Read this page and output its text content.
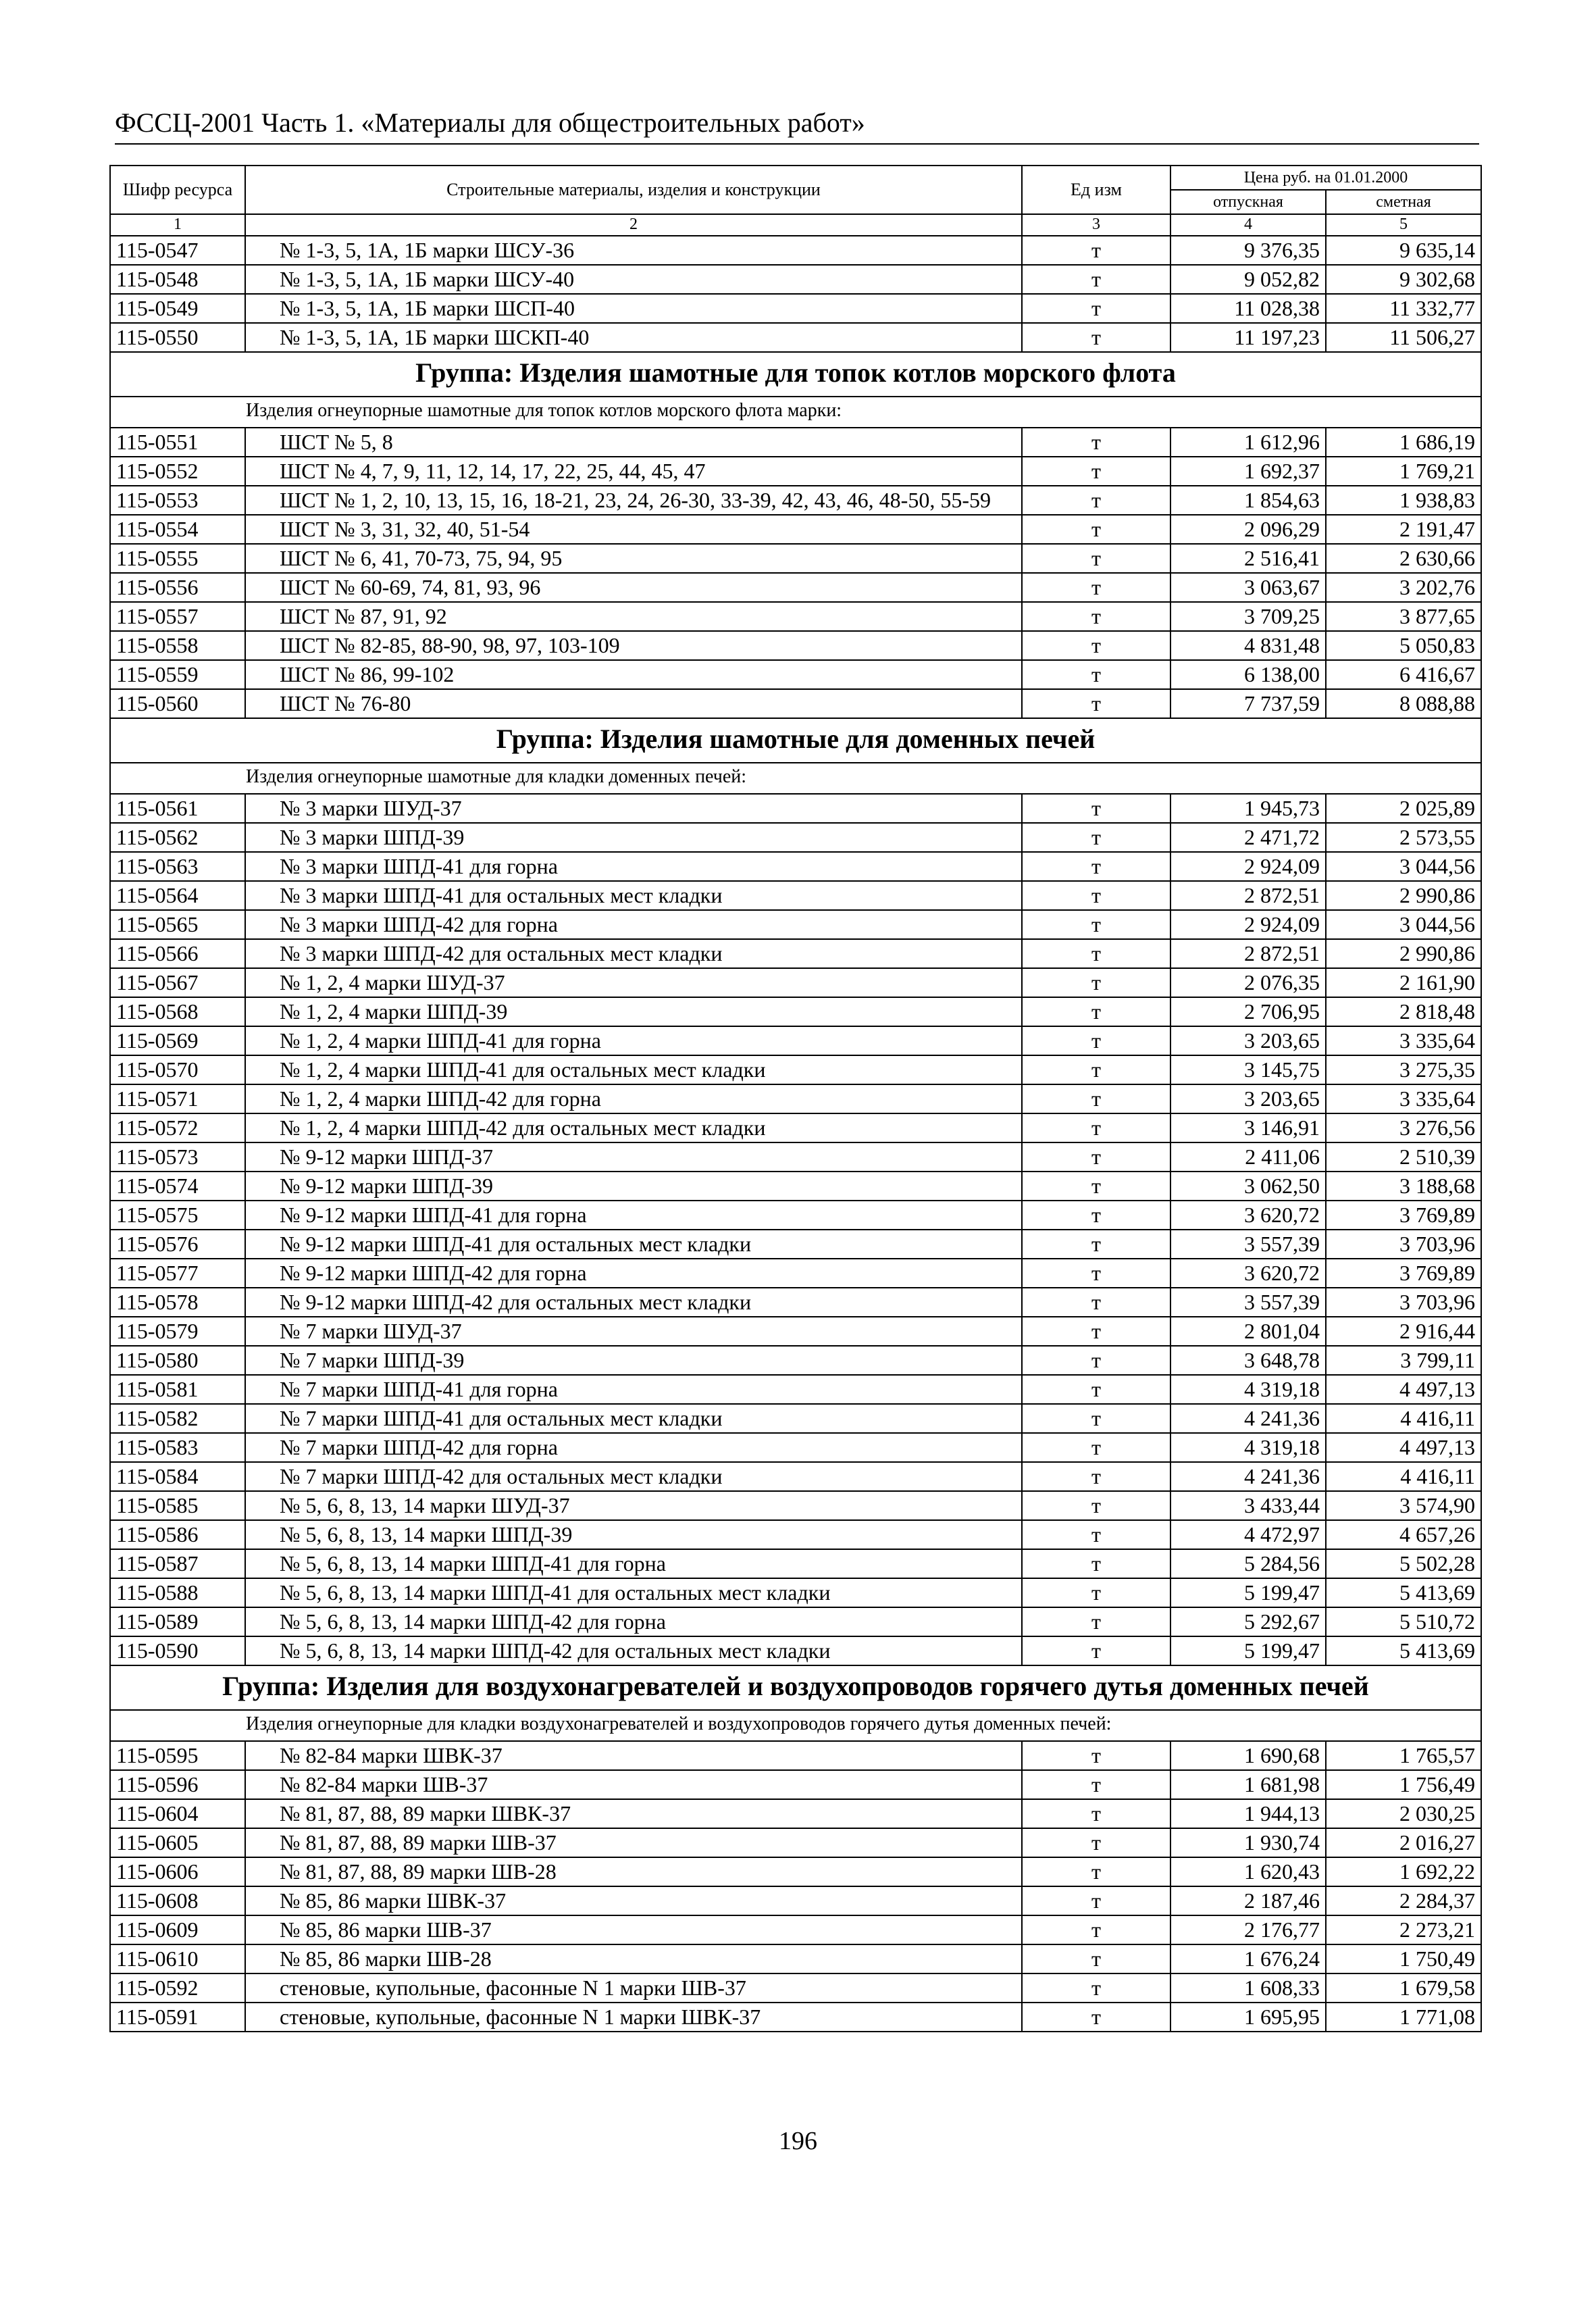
ФССЦ-2001 Часть 1. «Материалы для общестроительных работ»
Шифр ресурса	Строительные материалы, изделия и конструкции	Ед изм	Цена руб. на 01.01.2000	
			отпускная	сметная
1	2	3	4	5
115-0547	№ 1-3, 5, 1А, 1Б марки ШСУ-36	т	9 376,35	9 635,14
115-0548	№ 1-3, 5, 1А, 1Б марки ШСУ-40	т	9 052,82	9 302,68
115-0549	№ 1-3, 5, 1А, 1Б марки ШСП-40	т	11 028,38	11 332,77
115-0550	№ 1-3, 5, 1А, 1Б марки ШСКП-40	т	11 197,23	11 506,27
Группа: Изделия шамотные для топок котлов морского флота				
Изделия огнеупорные шамотные для топок котлов морского флота марки:				
115-0551	ШСТ № 5, 8	т	1 612,96	1 686,19
115-0552	ШСТ № 4, 7, 9, 11, 12, 14, 17, 22, 25, 44, 45, 47	т	1 692,37	1 769,21
115-0553	ШСТ № 1, 2, 10, 13, 15, 16, 18-21, 23, 24, 26-30, 33-39, 42, 43, 46, 48-50, 55-59	т	1 854,63	1 938,83
115-0554	ШСТ № 3, 31, 32, 40, 51-54	т	2 096,29	2 191,47
115-0555	ШСТ № 6, 41, 70-73, 75, 94, 95	т	2 516,41	2 630,66
115-0556	ШСТ № 60-69, 74, 81, 93, 96	т	3 063,67	3 202,76
115-0557	ШСТ № 87, 91, 92	т	3 709,25	3 877,65
115-0558	ШСТ № 82-85, 88-90, 98, 97, 103-109	т	4 831,48	5 050,83
115-0559	ШСТ № 86, 99-102	т	6 138,00	6 416,67
115-0560	ШСТ № 76-80	т	7 737,59	8 088,88
Группа: Изделия шамотные для доменных печей				
Изделия огнеупорные шамотные для кладки доменных печей:				
115-0561	№ 3 марки ШУД-37	т	1 945,73	2 025,89
115-0562	№ 3 марки ШПД-39	т	2 471,72	2 573,55
115-0563	№ 3 марки ШПД-41 для горна	т	2 924,09	3 044,56
115-0564	№ 3 марки ШПД-41 для остальных мест кладки	т	2 872,51	2 990,86
115-0565	№ 3 марки ШПД-42 для горна	т	2 924,09	3 044,56
115-0566	№ 3 марки ШПД-42 для остальных мест кладки	т	2 872,51	2 990,86
115-0567	№ 1, 2, 4 марки ШУД-37	т	2 076,35	2 161,90
115-0568	№ 1, 2, 4 марки ШПД-39	т	2 706,95	2 818,48
115-0569	№ 1, 2, 4 марки ШПД-41 для горна	т	3 203,65	3 335,64
115-0570	№ 1, 2, 4 марки ШПД-41 для остальных мест кладки	т	3 145,75	3 275,35
115-0571	№ 1, 2, 4 марки ШПД-42 для горна	т	3 203,65	3 335,64
115-0572	№ 1, 2, 4 марки ШПД-42 для остальных мест кладки	т	3 146,91	3 276,56
115-0573	№ 9-12 марки ШПД-37	т	2 411,06	2 510,39
115-0574	№ 9-12 марки ШПД-39	т	3 062,50	3 188,68
115-0575	№ 9-12 марки ШПД-41 для горна	т	3 620,72	3 769,89
115-0576	№ 9-12 марки ШПД-41 для остальных мест кладки	т	3 557,39	3 703,96
115-0577	№ 9-12 марки ШПД-42 для горна	т	3 620,72	3 769,89
115-0578	№ 9-12 марки ШПД-42 для остальных мест кладки	т	3 557,39	3 703,96
115-0579	№ 7 марки ШУД-37	т	2 801,04	2 916,44
115-0580	№ 7 марки ШПД-39	т	3 648,78	3 799,11
115-0581	№ 7 марки ШПД-41 для горна	т	4 319,18	4 497,13
115-0582	№ 7 марки ШПД-41 для остальных мест кладки	т	4 241,36	4 416,11
115-0583	№ 7 марки ШПД-42 для горна	т	4 319,18	4 497,13
115-0584	№ 7 марки ШПД-42 для остальных мест кладки	т	4 241,36	4 416,11
115-0585	№ 5, 6, 8, 13, 14 марки ШУД-37	т	3 433,44	3 574,90
115-0586	№ 5, 6, 8, 13, 14 марки ШПД-39	т	4 472,97	4 657,26
115-0587	№ 5, 6, 8, 13, 14 марки ШПД-41 для горна	т	5 284,56	5 502,28
115-0588	№ 5, 6, 8, 13, 14 марки ШПД-41 для остальных мест кладки	т	5 199,47	5 413,69
115-0589	№ 5, 6, 8, 13, 14 марки ШПД-42 для горна	т	5 292,67	5 510,72
115-0590	№ 5, 6, 8, 13, 14 марки ШПД-42 для остальных мест кладки	т	5 199,47	5 413,69
Группа: Изделия для воздухонагревателей и воздухопроводов горячего дутья доменных печей				
Изделия огнеупорные для кладки воздухонагревателей и воздухопроводов горячего дутья доменных печей:				
115-0595	№ 82-84 марки ШВК-37	т	1 690,68	1 765,57
115-0596	№ 82-84 марки ШВ-37	т	1 681,98	1 756,49
115-0604	№ 81, 87, 88, 89 марки ШВК-37	т	1 944,13	2 030,25
115-0605	№ 81, 87, 88, 89 марки ШВ-37	т	1 930,74	2 016,27
115-0606	№ 81, 87, 88, 89 марки ШВ-28	т	1 620,43	1 692,22
115-0608	№ 85, 86 марки ШВК-37	т	2 187,46	2 284,37
115-0609	№ 85, 86 марки ШВ-37	т	2 176,77	2 273,21
115-0610	№ 85, 86 марки ШВ-28	т	1 676,24	1 750,49
115-0592	стеновые, купольные, фасонные N 1 марки ШВ-37	т	1 608,33	1 679,58
115-0591	стеновые, купольные, фасонные N 1 марки ШВК-37	т	1 695,95	1 771,08
196
